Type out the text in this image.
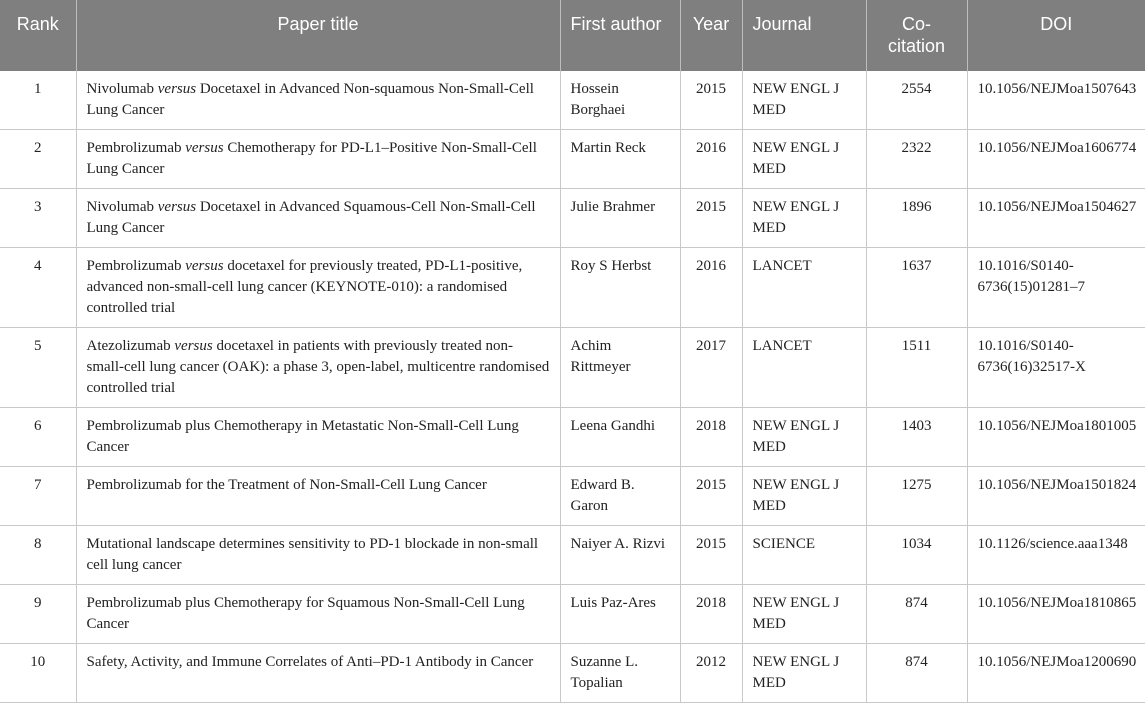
Rank	Paper title	First author	Year	Journal	Co-citation	DOI
1	Nivolumab versus Docetaxel in Advanced Non-squamous Non-Small-Cell Lung Cancer	Hossein Borghaei	2015	NEW ENGL J MED	2554	10.1056/NEJMoa1507643
2	Pembrolizumab versus Chemotherapy for PD-L1–Positive Non-Small-Cell Lung Cancer	Martin Reck	2016	NEW ENGL J MED	2322	10.1056/NEJMoa1606774
3	Nivolumab versus Docetaxel in Advanced Squamous-Cell Non-Small-Cell Lung Cancer	Julie Brahmer	2015	NEW ENGL J MED	1896	10.1056/NEJMoa1504627
4	Pembrolizumab versus docetaxel for previously treated, PD-L1-positive, advanced non-small-cell lung cancer (KEYNOTE-010): a randomised controlled trial	Roy S Herbst	2016	LANCET	1637	10.1016/S0140-6736(15)01281–7
5	Atezolizumab versus docetaxel in patients with previously treated non-small-cell lung cancer (OAK): a phase 3, open-label, multicentre randomised controlled trial	Achim Rittmeyer	2017	LANCET	1511	10.1016/S0140-6736(16)32517-X
6	Pembrolizumab plus Chemotherapy in Metastatic Non-Small-Cell Lung Cancer	Leena Gandhi	2018	NEW ENGL J MED	1403	10.1056/NEJMoa1801005
7	Pembrolizumab for the Treatment of Non-Small-Cell Lung Cancer	Edward B. Garon	2015	NEW ENGL J MED	1275	10.1056/NEJMoa1501824
8	Mutational landscape determines sensitivity to PD-1 blockade in non-small cell lung cancer	Naiyer A. Rizvi	2015	SCIENCE	1034	10.1126/science.aaa1348
9	Pembrolizumab plus Chemotherapy for Squamous Non-Small-Cell Lung Cancer	Luis Paz-Ares	2018	NEW ENGL J MED	874	10.1056/NEJMoa1810865
10	Safety, Activity, and Immune Correlates of Anti–PD-1 Antibody in Cancer	Suzanne L. Topalian	2012	NEW ENGL J MED	874	10.1056/NEJMoa1200690
